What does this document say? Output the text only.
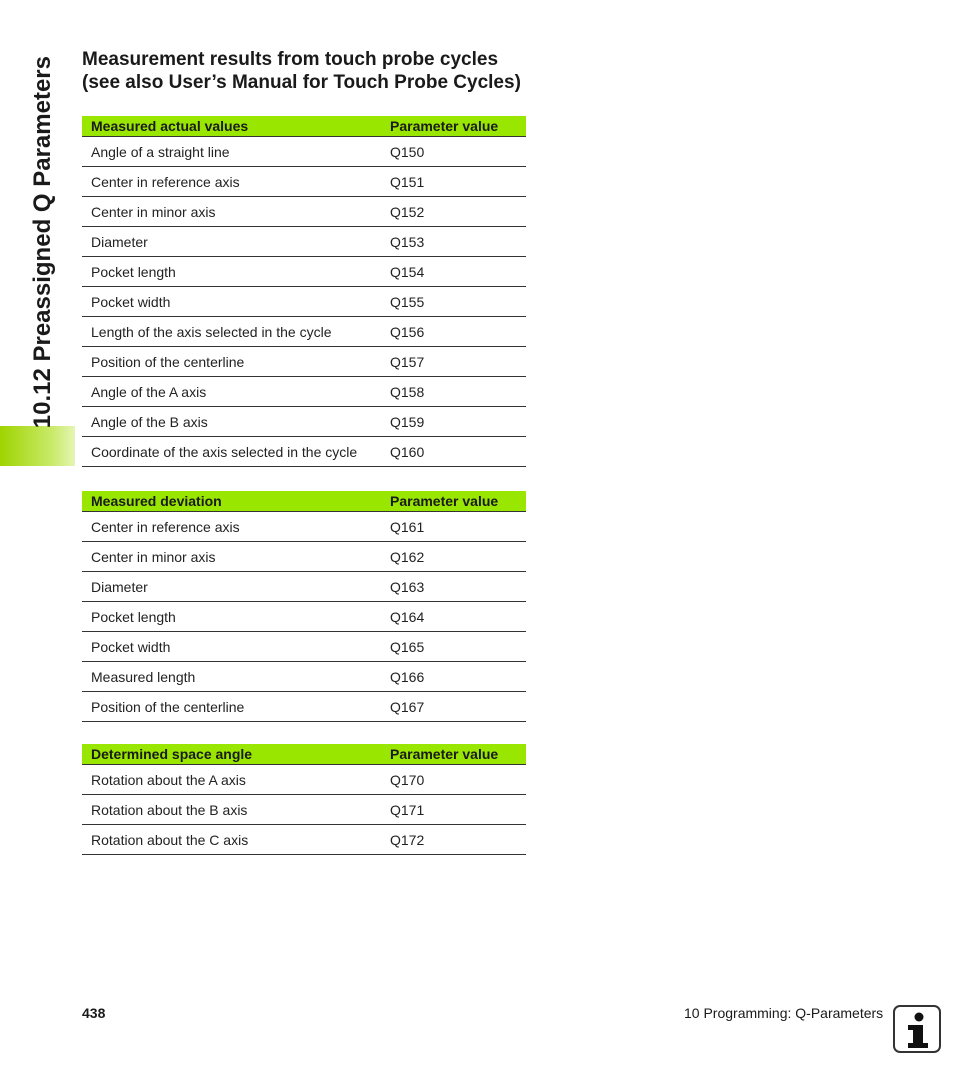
10.12 Preassigned Q Parameters Measurement results from touch probe cycles
(see also User’s Manual for Touch Probe Cycles)
Measured actual values	Parameter value
Angle of a straight line	Q150
Center in reference axis	Q151
Center in minor axis	Q152
Diameter	Q153
Pocket length	Q154
Pocket width	Q155
Length of the axis selected in the cycle	Q156
Position of the centerline	Q157
Angle of the A axis	Q158
Angle of the B axis	Q159
Coordinate of the axis selected in the cycle	Q160
Measured deviation	Parameter value
Center in reference axis	Q161
Center in minor axis	Q162
Diameter	Q163
Pocket length	Q164
Pocket width	Q165
Measured length	Q166
Position of the centerline	Q167
Determined space angle	Parameter value
Rotation about the A axis	Q170
Rotation about the B axis	Q171
Rotation about the C axis	Q172
438	10 Programming: Q-Parameters
